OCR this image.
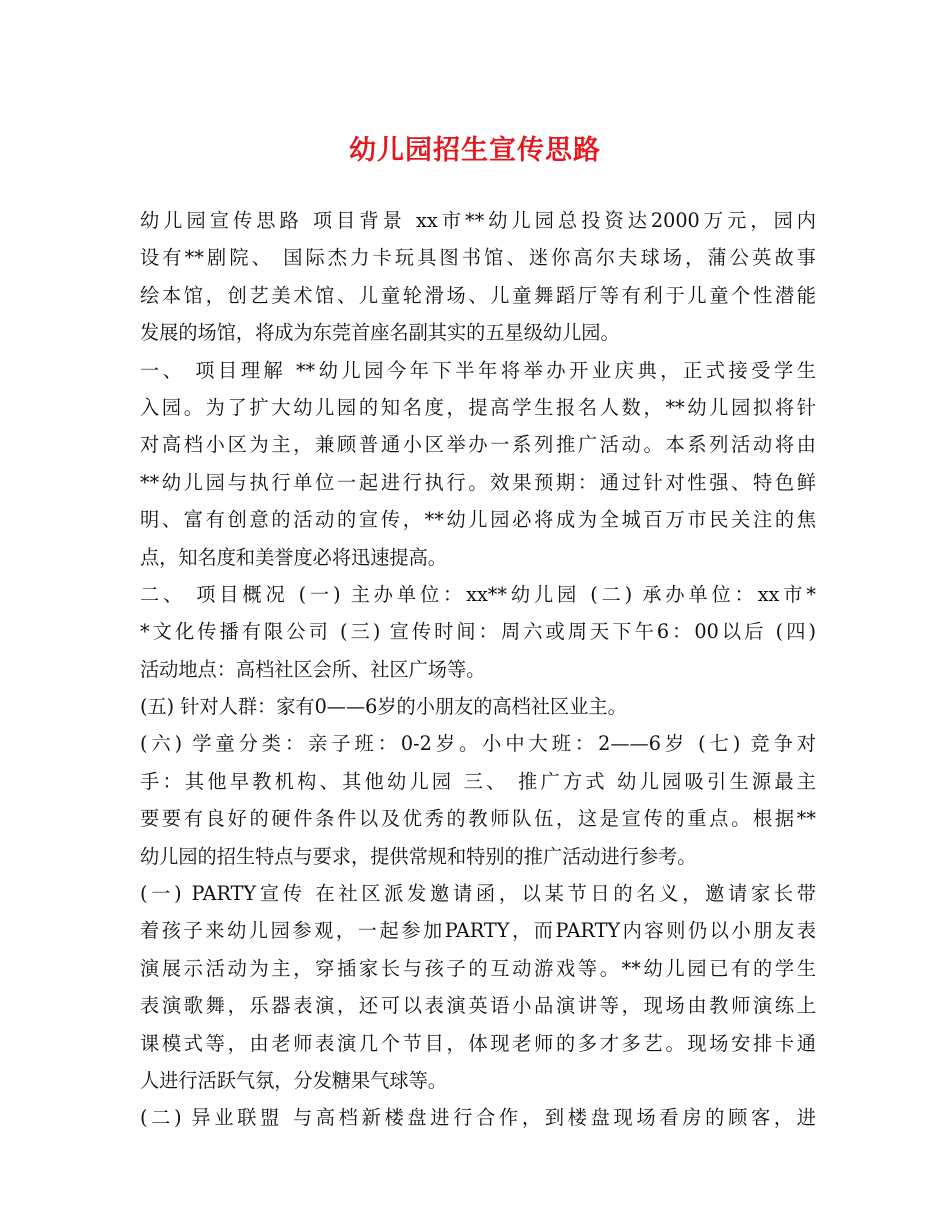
幼儿园招生宣传思路
幼儿园宣传思路 项目背景 xx市**幼儿园总投资达2000万元，园内
设有**剧院、 国际杰力卡玩具图书馆、迷你高尔夫球场，蒲公英故事
绘本馆，创艺美术馆、儿童轮滑场、儿童舞蹈厅等有利于儿童个性潜能
发展的场馆，将成为东莞首座名副其实的五星级幼儿园。
一、 项目理解 **幼儿园今年下半年将举办开业庆典，正式接受学生
入园。为了扩大幼儿园的知名度，提高学生报名人数，**幼儿园拟将针
对高档小区为主，兼顾普通小区举办一系列推广活动。本系列活动将由
**幼儿园与执行单位一起进行执行。效果预期：通过针对性强、特色鲜
明、富有创意的活动的宣传，**幼儿园必将成为全城百万市民关注的焦
点，知名度和美誉度必将迅速提高。
二、 项目概况 (一) 主办单位：xx**幼儿园 (二) 承办单位：xx市*
*文化传播有限公司 (三) 宣传时间：周六或周天下午6：00以后 (四)
活动地点：高档社区会所、社区广场等。
(五) 针对人群：家有0——6岁的小朋友的高档社区业主。
(六) 学童分类：亲子班：0-2岁。小中大班：2——6岁 (七) 竞争对
手：其他早教机构、其他幼儿园 三、 推广方式 幼儿园吸引生源最主
要要有良好的硬件条件以及优秀的教师队伍，这是宣传的重点。根据**
幼儿园的招生特点与要求，提供常规和特别的推广活动进行参考。
(一) PARTY宣传 在社区派发邀请函，以某节日的名义，邀请家长带
着孩子来幼儿园参观，一起参加PARTY，而PARTY内容则仍以小朋友表
演展示活动为主，穿插家长与孩子的互动游戏等。**幼儿园已有的学生
表演歌舞，乐器表演，还可以表演英语小品演讲等，现场由教师演练上
课模式等，由老师表演几个节目，体现老师的多才多艺。现场安排卡通
人进行活跃气氛，分发糖果气球等。
(二) 异业联盟 与高档新楼盘进行合作，到楼盘现场看房的顾客，进
